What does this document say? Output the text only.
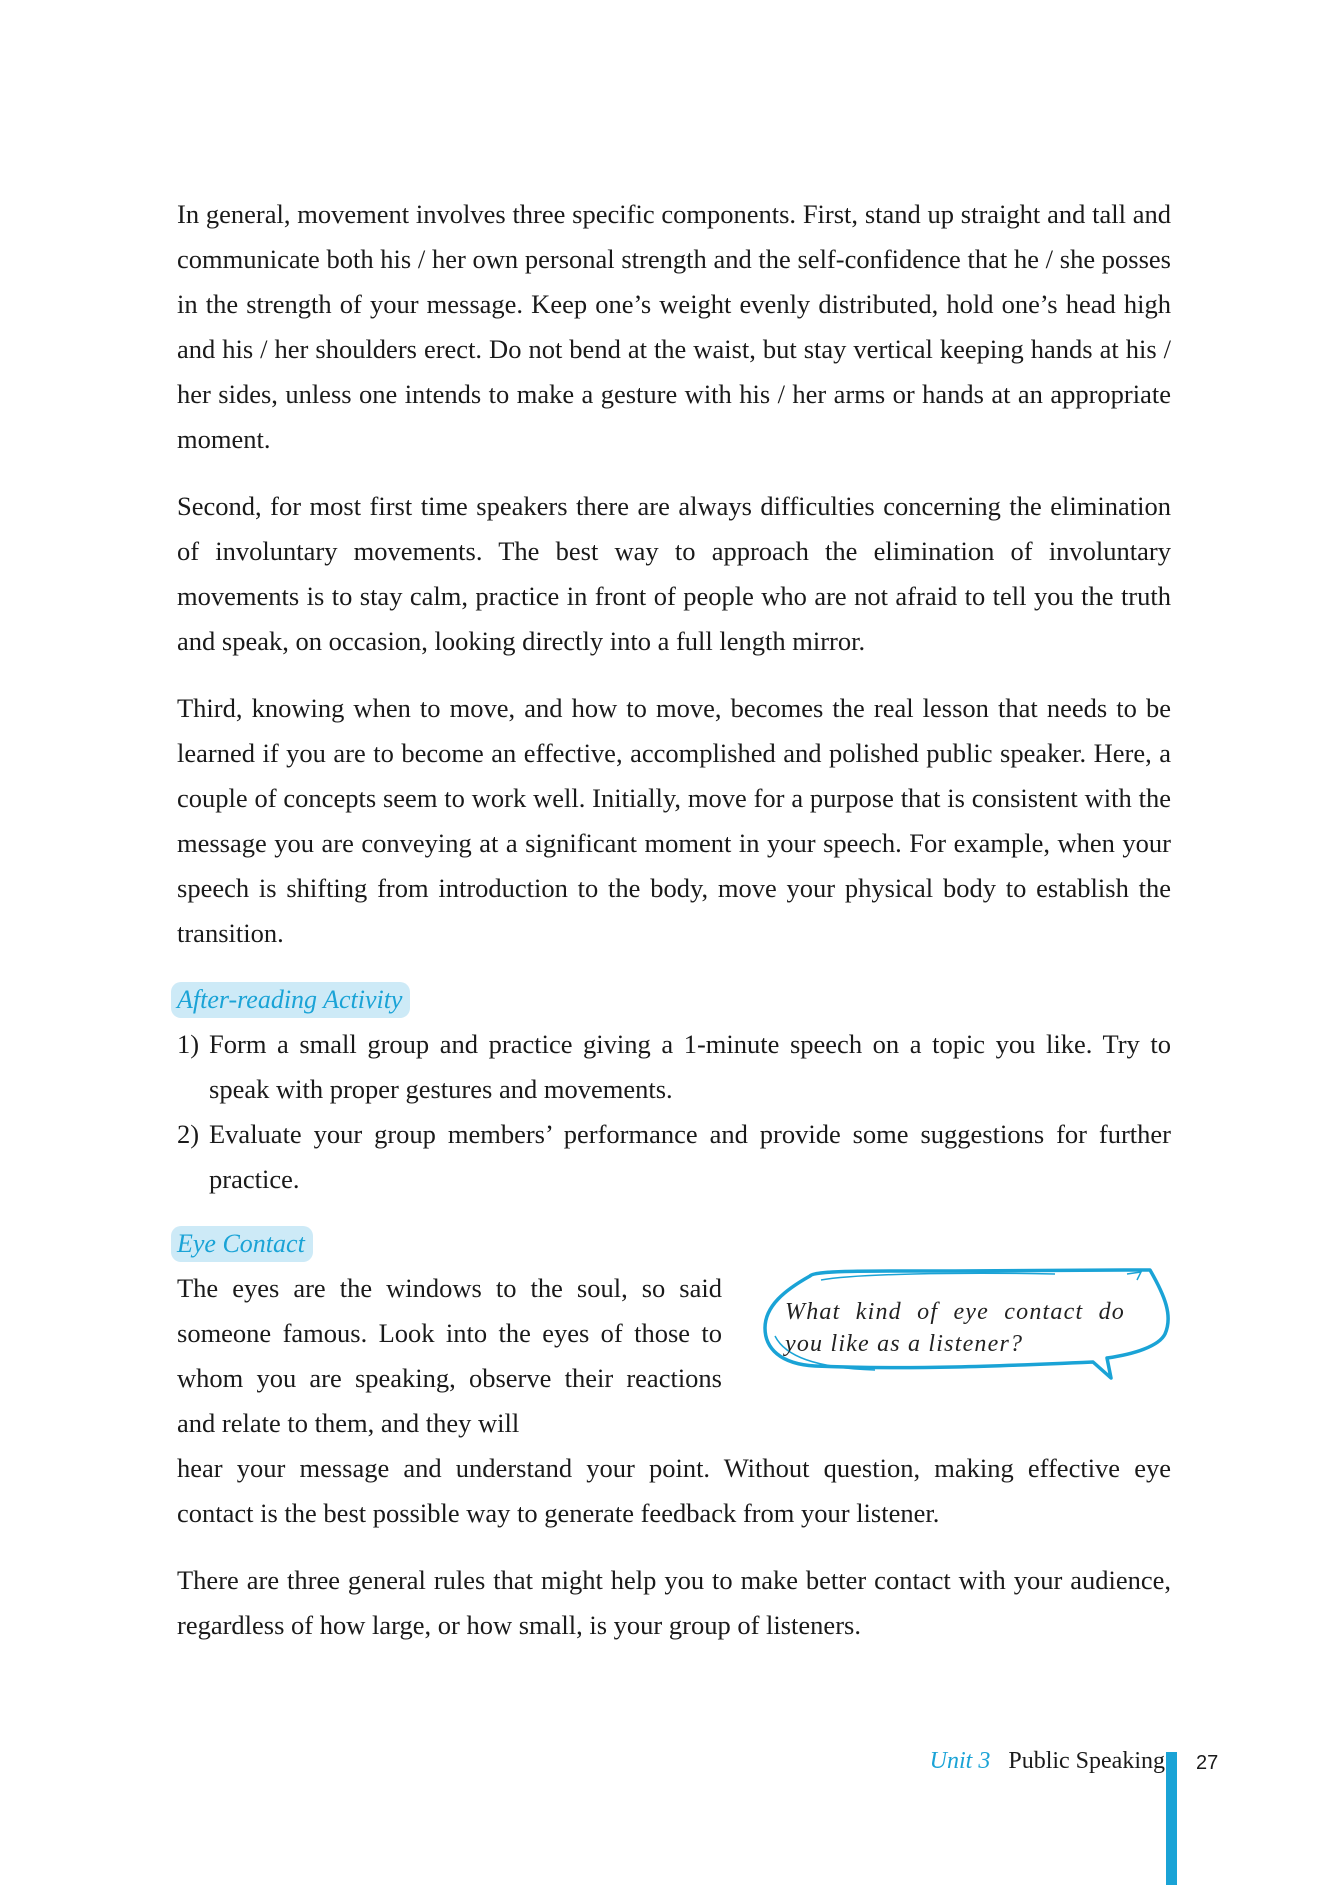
In general, movement involves three specific components. First, stand up straight and tall and communicate both his / her own personal strength and the self-confidence that he / she posses in the strength of your message. Keep one’s weight evenly distributed, hold one’s head high and his / her shoulders erect. Do not bend at the waist, but stay vertical keeping hands at his / her sides, unless one intends to make a gesture with his / her arms or hands at an appropriate moment.

Second, for most first time speakers there are always difficulties concerning the elimination of involuntary movements. The best way to approach the elimination of involuntary movements is to stay calm, practice in front of people who are not afraid to tell you the truth and speak, on occasion, looking directly into a full length mirror.

Third, knowing when to move, and how to move, becomes the real lesson that needs to be learned if you are to become an effective, accomplished and polished public speaker. Here, a couple of concepts seem to work well. Initially, move for a purpose that is consistent with the message you are conveying at a significant moment in your speech. For example, when your speech is shifting from introduction to the body, move your physical body to establish the transition.

After-reading Activity
1) Form a small group and practice giving a 1-minute speech on a topic you like. Try to speak with proper gestures and movements.
2) Evaluate your group members’ performance and provide some suggestions for further practice.
Eye Contact

The eyes are the windows to the soul, so said someone famous. Look into the eyes of those to whom you are speaking, observe their reactions and relate to them, and they will

What kind of eye contact do you like as a listener?

hear your message and understand your point. Without question, making effective eye contact is the best possible way to generate feedback from your listener.

There are three general rules that might help you to make better contact with your audience, regardless of how large, or how small, is your group of listeners.

Unit 3 Public Speaking 27
